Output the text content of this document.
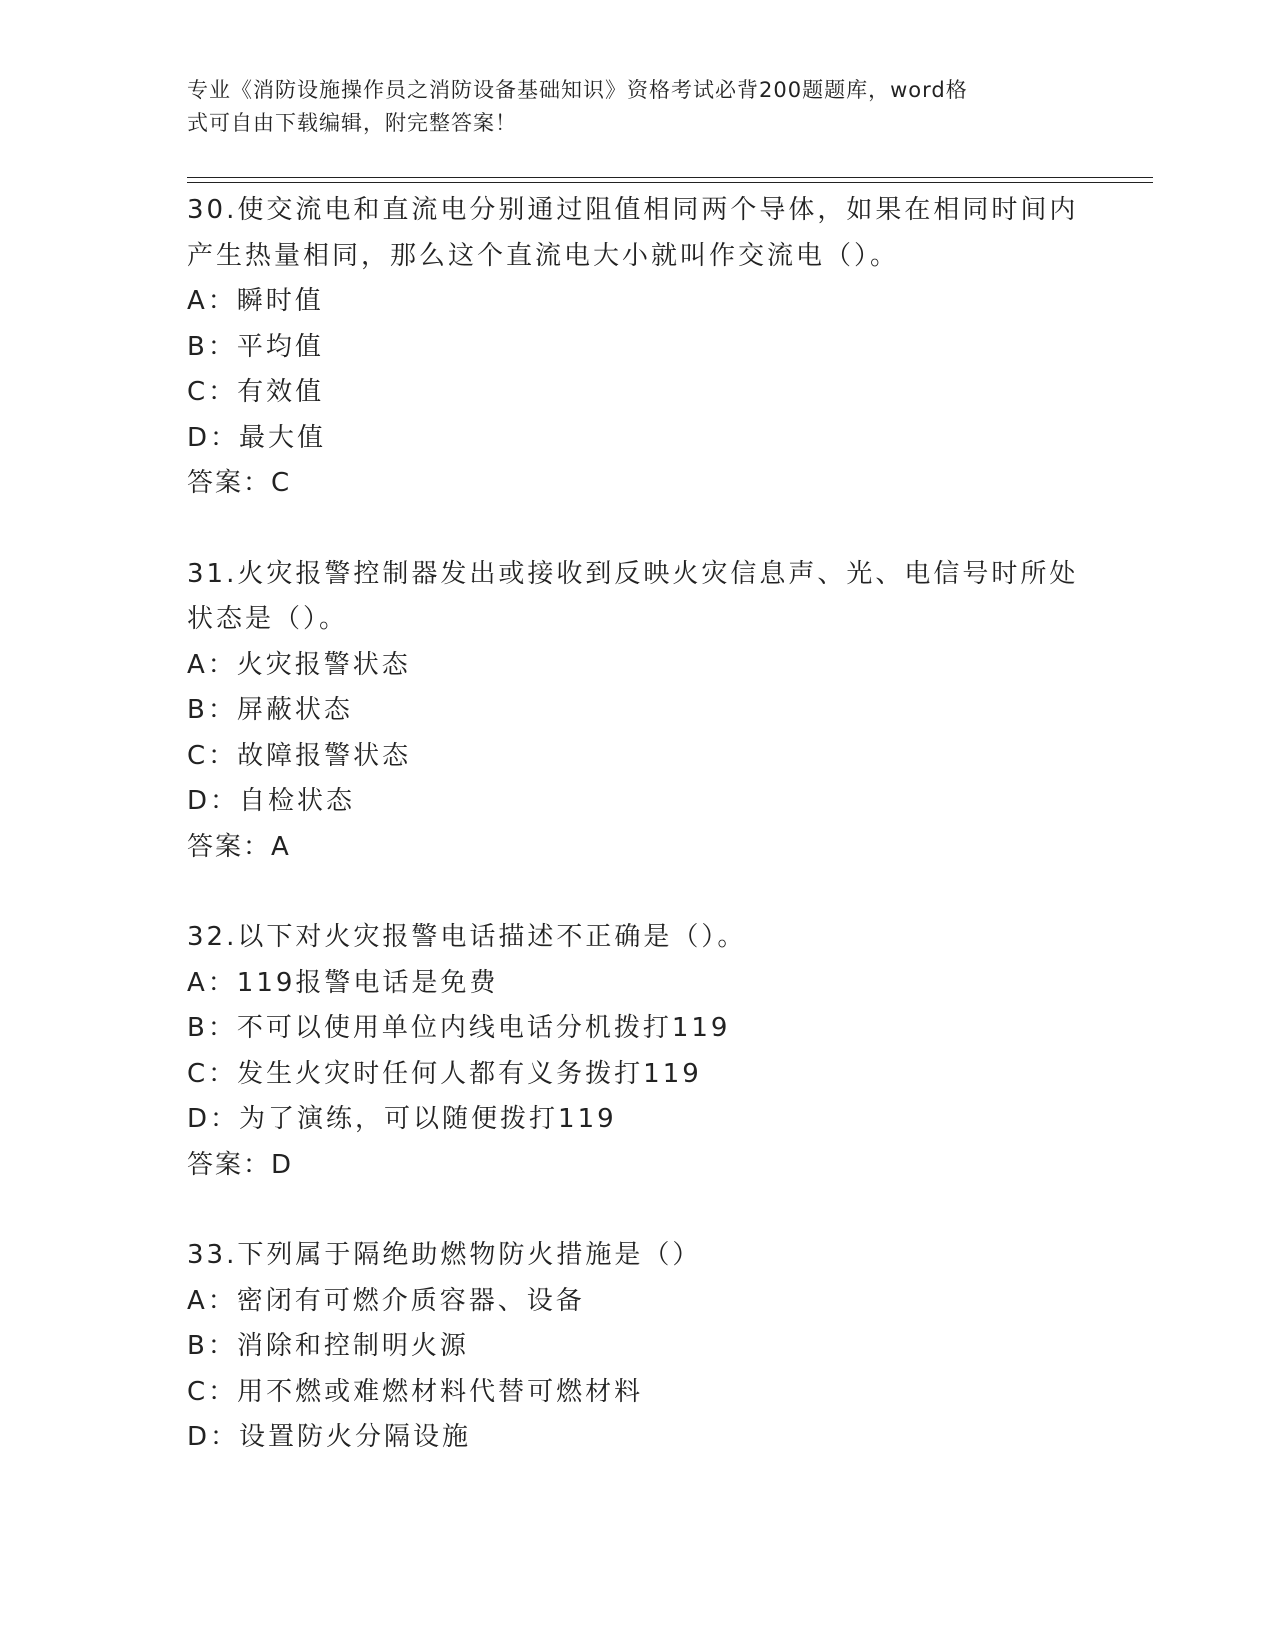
专业《消防设施操作员之消防设备基础知识》资格考试必背200题题库，word格
式可自由下载编辑，附完整答案！
30.使交流电和直流电分别通过阻值相同两个导体，如果在相同时间内
产生热量相同，那么这个直流电大小就叫作交流电（）。
A：瞬时值
B：平均值
C：有效值
D：最大值
答案：C
31.火灾报警控制器发出或接收到反映火灾信息声、光、电信号时所处
状态是（）。
A：火灾报警状态
B：屏蔽状态
C：故障报警状态
D：自检状态
答案：A
32.以下对火灾报警电话描述不正确是（）。
A：119报警电话是免费
B：不可以使用单位内线电话分机拨打119
C：发生火灾时任何人都有义务拨打119
D：为了演练，可以随便拨打119
答案：D
33.下列属于隔绝助燃物防火措施是（）
A：密闭有可燃介质容器、设备
B：消除和控制明火源
C：用不燃或难燃材料代替可燃材料
D：设置防火分隔设施
